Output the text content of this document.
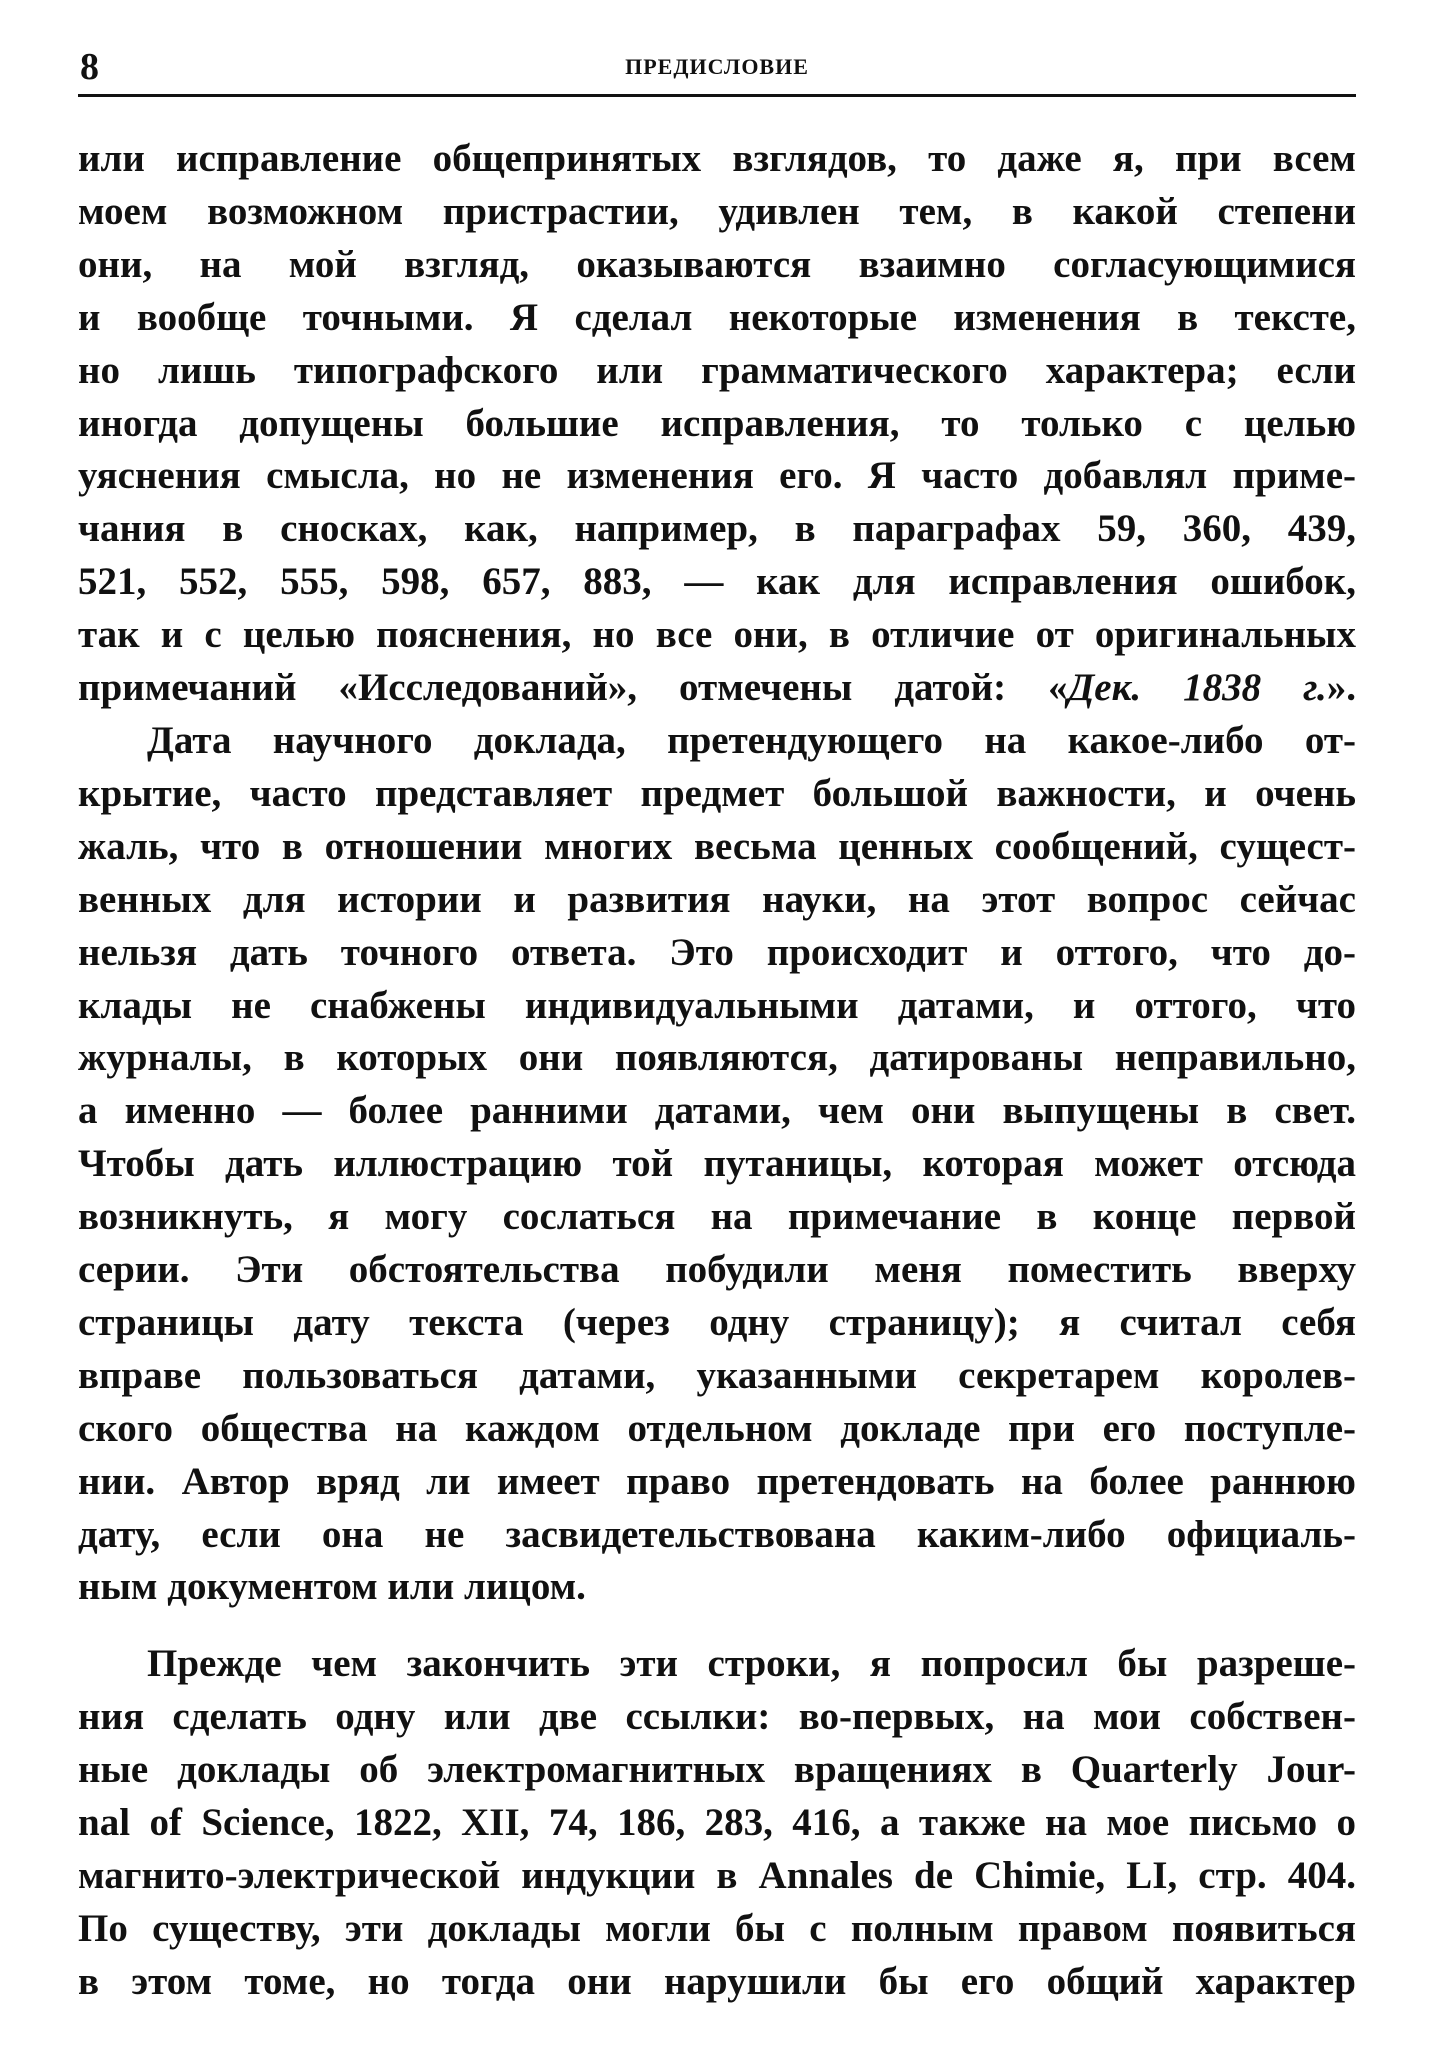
8	ПРЕДИСЛОВИЕ

или исправление общепринятых взглядов, то даже я, при всем
моем возможном пристрастии, удивлен тем, в какой степени
они, на мой взгляд, оказываются взаимно согласующимися
и вообще точными. Я сделал некоторые изменения в тексте,
но лишь типографского или грамматического характера; если
иногда допущены большие исправления, то только с целью
уяснения смысла, но не изменения его. Я часто добавлял приме-
чания в сносках, как, например, в параграфах 59, 360, 439,
521, 552, 555, 598, 657, 883, — как для исправления ошибок,
так и с целью пояснения, но все они, в отличие от оригинальных
примечаний «Исследований», отмечены датой: «Дек. 1838 г.».

Дата научного доклада, претендующего на какое-либо от-
крытие, часто представляет предмет большой важности, и очень
жаль, что в отношении многих весьма ценных сообщений, сущест-
венных для истории и развития науки, на этот вопрос сейчас
нельзя дать точного ответа. Это происходит и оттого, что до-
клады не снабжены индивидуальными датами, и оттого, что
журналы, в которых они появляются, датированы неправильно,
а именно — более ранними датами, чем они выпущены в свет.
Чтобы дать иллюстрацию той путаницы, которая может отсюда
возникнуть, я могу сослаться на примечание в конце первой
серии. Эти обстоятельства побудили меня поместить вверху
страницы дату текста (через одну страницу); я считал себя
вправе пользоваться датами, указанными секретарем королев-
ского общества на каждом отдельном докладе при его поступле-
нии. Автор вряд ли имеет право претендовать на более раннюю
дату, если она не засвидетельствована каким-либо официаль-
ным документом или лицом.

Прежде чем закончить эти строки, я попросил бы разреше-
ния сделать одну или две ссылки: во-первых, на мои собствен-
ные доклады об электромагнитных вращениях в Quarterly Jour-
nal of Science, 1822, XII, 74, 186, 283, 416, а также на мое письмо о
магнито-электрической индукции в Annales de Chimie, LI, стр. 404.
По существу, эти доклады могли бы с полным правом появиться
в этом томе, но тогда они нарушили бы его общий характер
